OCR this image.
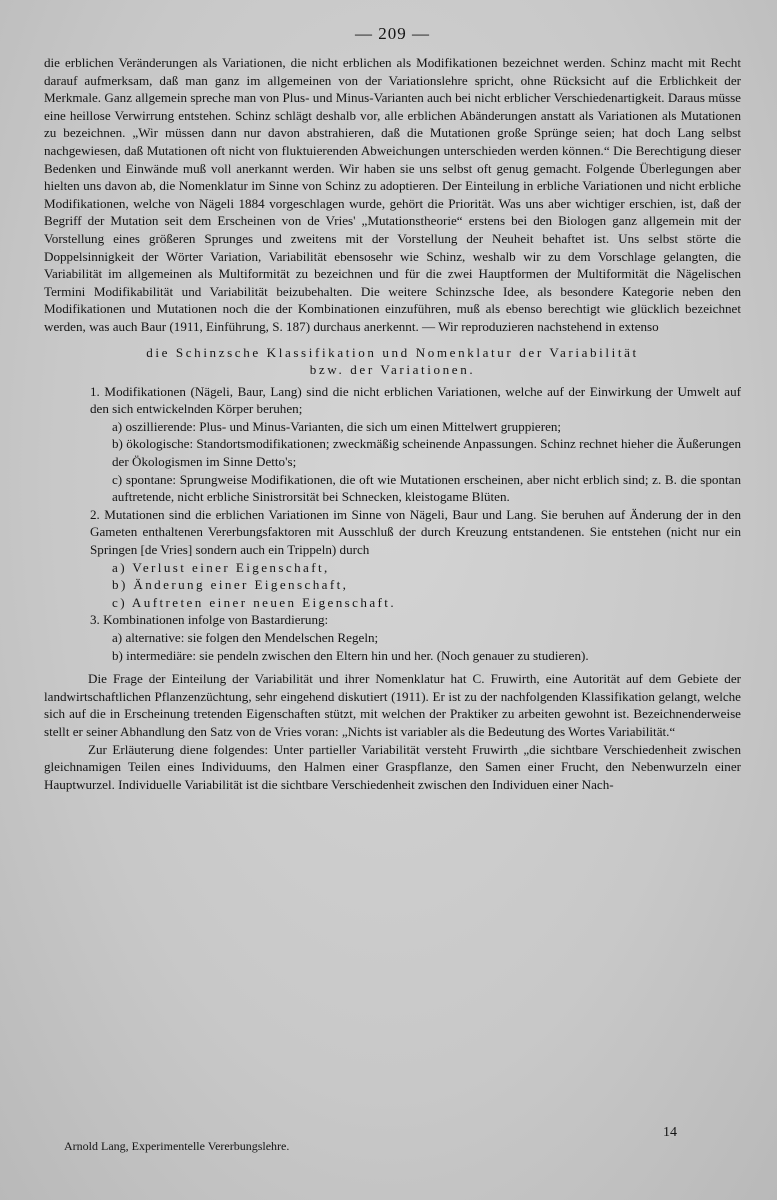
— 209 —

die erblichen Veränderungen als Variationen, die nicht erblichen als Modifikationen bezeichnet werden. Schinz macht mit Recht darauf aufmerksam, daß man ganz im allgemeinen von der Variationslehre spricht, ohne Rücksicht auf die Erblichkeit der Merkmale. Ganz allgemein spreche man von Plus- und Minus-Varianten auch bei nicht erblicher Verschiedenartigkeit. Daraus müsse eine heillose Verwirrung entstehen. Schinz schlägt deshalb vor, alle erblichen Abänderungen anstatt als Variationen als Mutationen zu bezeichnen. „Wir müssen dann nur davon abstrahieren, daß die Mutationen große Sprünge seien; hat doch Lang selbst nachgewiesen, daß Mutationen oft nicht von fluktuierenden Abweichungen unterschieden werden können.“ Die Berechtigung dieser Bedenken und Einwände muß voll anerkannt werden. Wir haben sie uns selbst oft genug gemacht. Folgende Überlegungen aber hielten uns davon ab, die Nomenklatur im Sinne von Schinz zu adoptieren. Der Einteilung in erbliche Variationen und nicht erbliche Modifikationen, welche von Nägeli 1884 vorgeschlagen wurde, gehört die Priorität. Was uns aber wichtiger erschien, ist, daß der Begriff der Mutation seit dem Erscheinen von de Vries' „Mutationstheorie“ erstens bei den Biologen ganz allgemein mit der Vorstellung eines größeren Sprunges und zweitens mit der Vorstellung der Neuheit behaftet ist. Uns selbst störte die Doppelsinnigkeit der Wörter Variation, Variabilität ebensosehr wie Schinz, weshalb wir zu dem Vorschlage gelangten, die Variabilität im allgemeinen als Multiformität zu bezeichnen und für die zwei Hauptformen der Multiformität die Nägelischen Termini Modifikabilität und Variabilität beizubehalten. Die weitere Schinzsche Idee, als besondere Kategorie neben den Modifikationen und Mutationen noch die der Kombinationen einzuführen, muß als ebenso berechtigt wie glücklich bezeichnet werden, was auch Baur (1911, Einführung, S. 187) durchaus anerkennt. — Wir reproduzieren nachstehend in extenso

die Schinzsche Klassifikation und Nomenklatur der Variabilität
bzw. der Variationen.
1. Modifikationen (Nägeli, Baur, Lang) sind die nicht erblichen Variationen, welche auf der Einwirkung der Umwelt auf den sich entwickelnden Körper beruhen;
a) oszillierende: Plus- und Minus-Varianten, die sich um einen Mittelwert gruppieren;
b) ökologische: Standortsmodifikationen; zweckmäßig scheinende Anpassungen. Schinz rechnet hieher die Äußerungen der Ökologismen im Sinne Detto's;
c) spontane: Sprungweise Modifikationen, die oft wie Mutationen erscheinen, aber nicht erblich sind; z. B. die spontan auftretende, nicht erbliche Sinistrorsität bei Schnecken, kleistogame Blüten.
2. Mutationen sind die erblichen Variationen im Sinne von Nägeli, Baur und Lang. Sie beruhen auf Änderung der in den Gameten enthaltenen Vererbungsfaktoren mit Ausschluß der durch Kreuzung entstandenen. Sie entstehen (nicht nur ein Springen [de Vries] sondern auch ein Trippeln) durch
a) Verlust einer Eigenschaft,
b) Änderung einer Eigenschaft,
c) Auftreten einer neuen Eigenschaft.
3. Kombinationen infolge von Bastardierung:
a) alternative: sie folgen den Mendelschen Regeln;
b) intermediäre: sie pendeln zwischen den Eltern hin und her. (Noch genauer zu studieren).

Die Frage der Einteilung der Variabilität und ihrer Nomenklatur hat C. Fruwirth, eine Autorität auf dem Gebiete der landwirtschaftlichen Pflanzenzüchtung, sehr eingehend diskutiert (1911). Er ist zu der nachfolgenden Klassifikation gelangt, welche sich auf die in Erscheinung tretenden Eigenschaften stützt, mit welchen der Praktiker zu arbeiten gewohnt ist. Bezeichnenderweise stellt er seiner Abhandlung den Satz von de Vries voran: „Nichts ist variabler als die Bedeutung des Wortes Variabilität.“

Zur Erläuterung diene folgendes: Unter partieller Variabilität versteht Fruwirth „die sichtbare Verschiedenheit zwischen gleichnamigen Teilen eines Individuums, den Halmen einer Graspflanze, den Samen einer Frucht, den Nebenwurzeln einer Hauptwurzel. Individuelle Variabilität ist die sichtbare Verschiedenheit zwischen den Individuen einer Nach-

Arnold Lang, Experimentelle Vererbungslehre.
14
